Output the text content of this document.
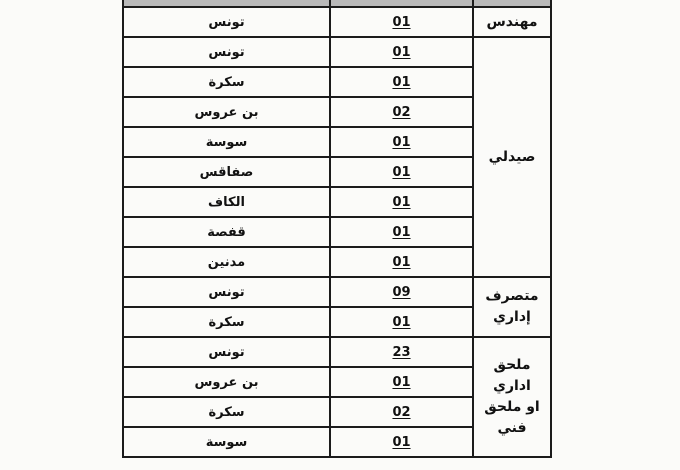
مهندس	01	تونس

صيدلي	01	تونس
	01	سكرة
	02	بن عروس
	01	سوسة
	01	صفاقس
	01	الكاف
	01	قفصة
	01	مدنين

متصرف
إداري	09	تونس
	01	سكرة

ملحق اداري
او ملحق فني	23	تونس
	01	بن عروس
	02	سكرة
	01	سوسة
